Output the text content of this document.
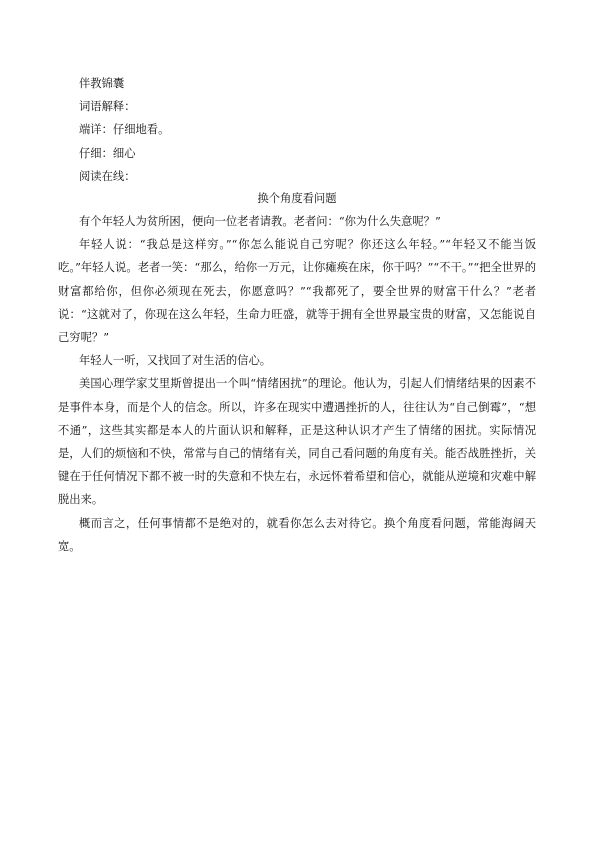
伴教锦囊

词语解释：

端详：仔细地看。

仔细：细心

阅读在线：

换个角度看问题

有个年轻人为贫所困，便向一位老者请教。老者问：“你为什么失意呢？”

年轻人说：“我总是这样穷。”“你怎么能说自己穷呢？你还这么年轻。”“年轻又不能当饭吃。”年轻人说。老者一笑：“那么，给你一万元，让你瘫痪在床，你干吗？”“不干。”“把全世界的财富都给你，但你必须现在死去，你愿意吗？”“我都死了，要全世界的财富干什么？”老者说：“这就对了，你现在这么年轻，生命力旺盛，就等于拥有全世界最宝贵的财富，又怎能说自己穷呢？”

年轻人一听，又找回了对生活的信心。

美国心理学家艾里斯曾提出一个叫“情绪困扰”的理论。他认为，引起人们情绪结果的因素不是事件本身，而是个人的信念。所以，许多在现实中遭遇挫折的人，往往认为“自己倒霉”，“想不通”，这些其实都是本人的片面认识和解释，正是这种认识才产生了情绪的困扰。实际情况是，人们的烦恼和不快，常常与自己的情绪有关，同自己看问题的角度有关。能否战胜挫折，关键在于任何情况下都不被一时的失意和不快左右，永远怀着希望和信心，就能从逆境和灾难中解脱出来。

概而言之，任何事情都不是绝对的，就看你怎么去对待它。换个角度看问题，常能海阔天宽。
